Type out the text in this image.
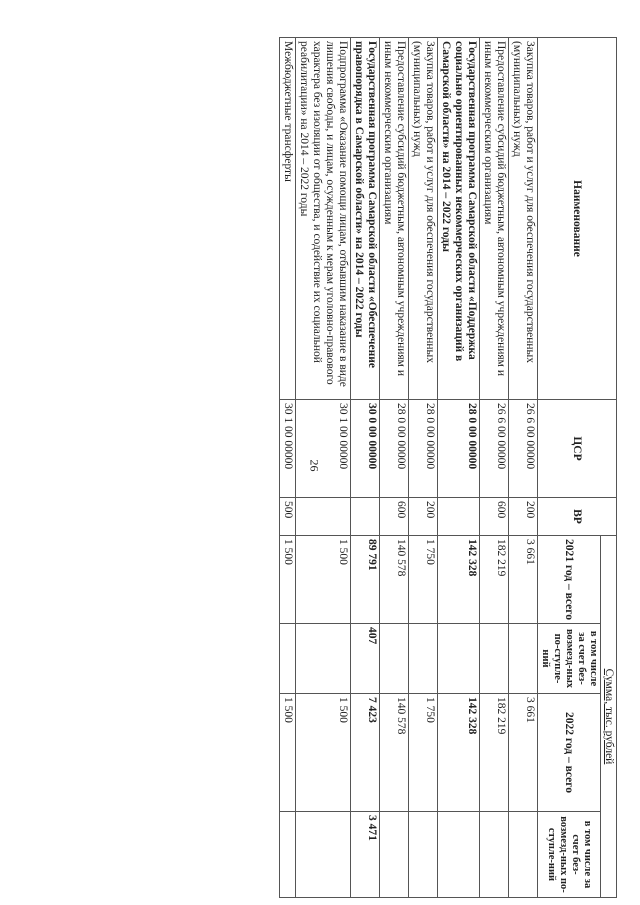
26
Наименование	ЦСР	ВР	Сумма, тыс. рублей			
			2021 год – всего	в том числе за счет без-возмезд-ных по-ступле-ний	2022 год – всего	в том числе за счет без-возмезд-ных по-ступле-ний
Закупка товаров, работ и услуг для обеспечения государственных (муниципальных) нужд	26 6 00 00000	200	3 661		3 661	
Предоставление субсидий бюджетным, автономным учреждениям и иным некоммерческим организациям	26 6 00 00000	600	182 219		182 219	
Государственная программа Самарской области «Поддержка социально ориентированных некоммерческих организаций в Самарской области» на 2014 – 2022 годы	28 0 00 00000		142 328		142 328	
Закупка товаров, работ и услуг для обеспечения государственных (муниципальных) нужд	28 0 00 00000	200	1 750		1 750	
Предоставление субсидий бюджетным, автономным учреждениям и иным некоммерческим организациям	28 0 00 00000	600	140 578		140 578	
Государственная программа Самарской области «Обеспечение правопорядка в Самарской области» на 2014 – 2022 годы	30 0 00 00000		89 791	407	7 423	3 471
Подпрограмма «Оказание помощи лицам, отбывшим наказание в виде лишения свободы, и лицам, осужденным к мерам уголовно-правового характера без изоляции от общества, и содействие их социальной реабилитации» на 2014 – 2022 годы	30 1 00 00000		1 500		1 500	
Межбюджетные трансферты	30 1 00 00000	500	1 500		1 500	
